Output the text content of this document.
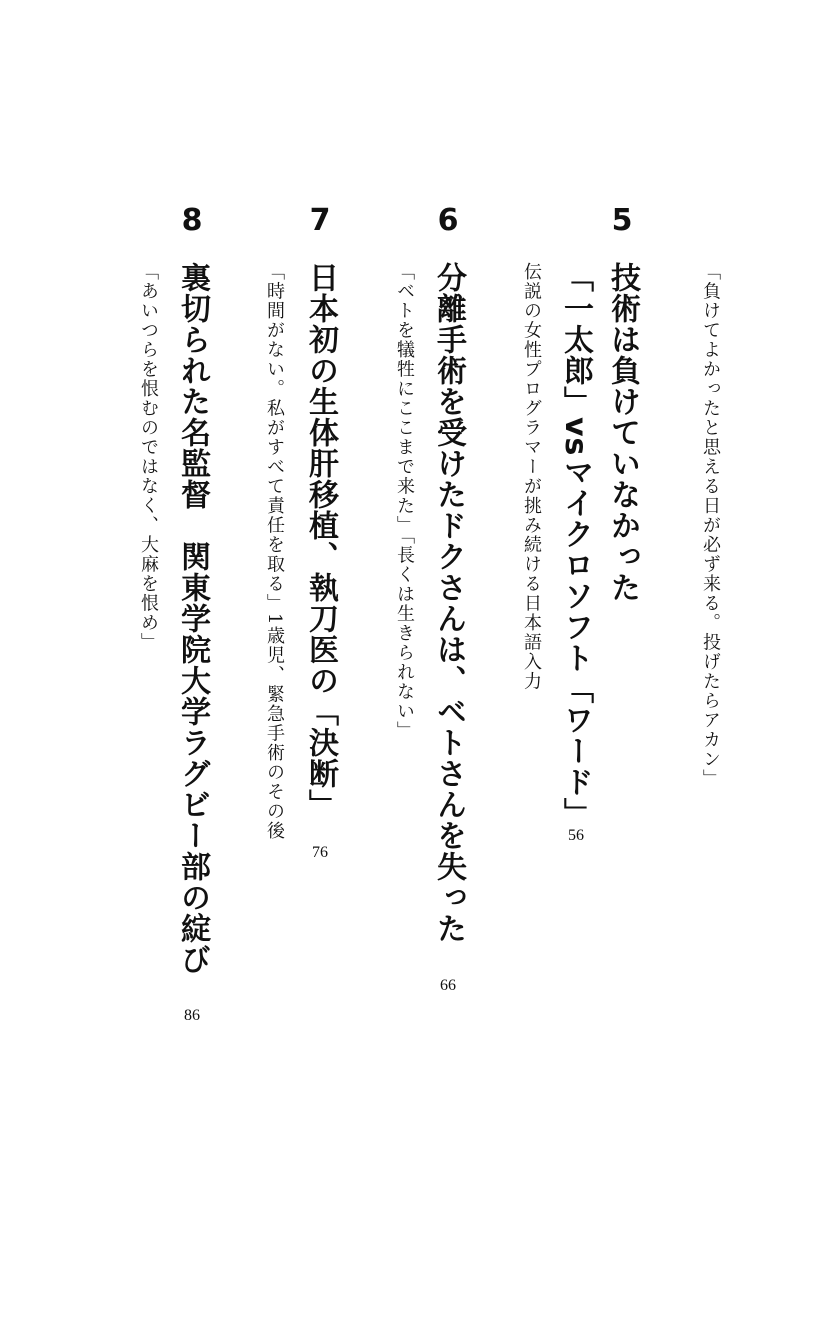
「負けてよかったと思える日が必ず来る。投げたらアカン」
5
技術は負けていなかった
「一太郎」vsマイクロソフト「ワード」
伝説の女性プログラマーが挑み続ける日本語入力
56
6
分離手術を受けたドクさんは、ベトさんを失った
「ベトを犠牲にここまで来た」「長くは生きられない」
66
7
日本初の生体肝移植、執刀医の「決断」
「時間がない。私がすべて責任を取る」1歳児、緊急手術のその後
76
8
裏切られた名監督　関東学院大学ラグビー部の綻び
「あいつらを恨むのではなく、大麻を恨め」
86
